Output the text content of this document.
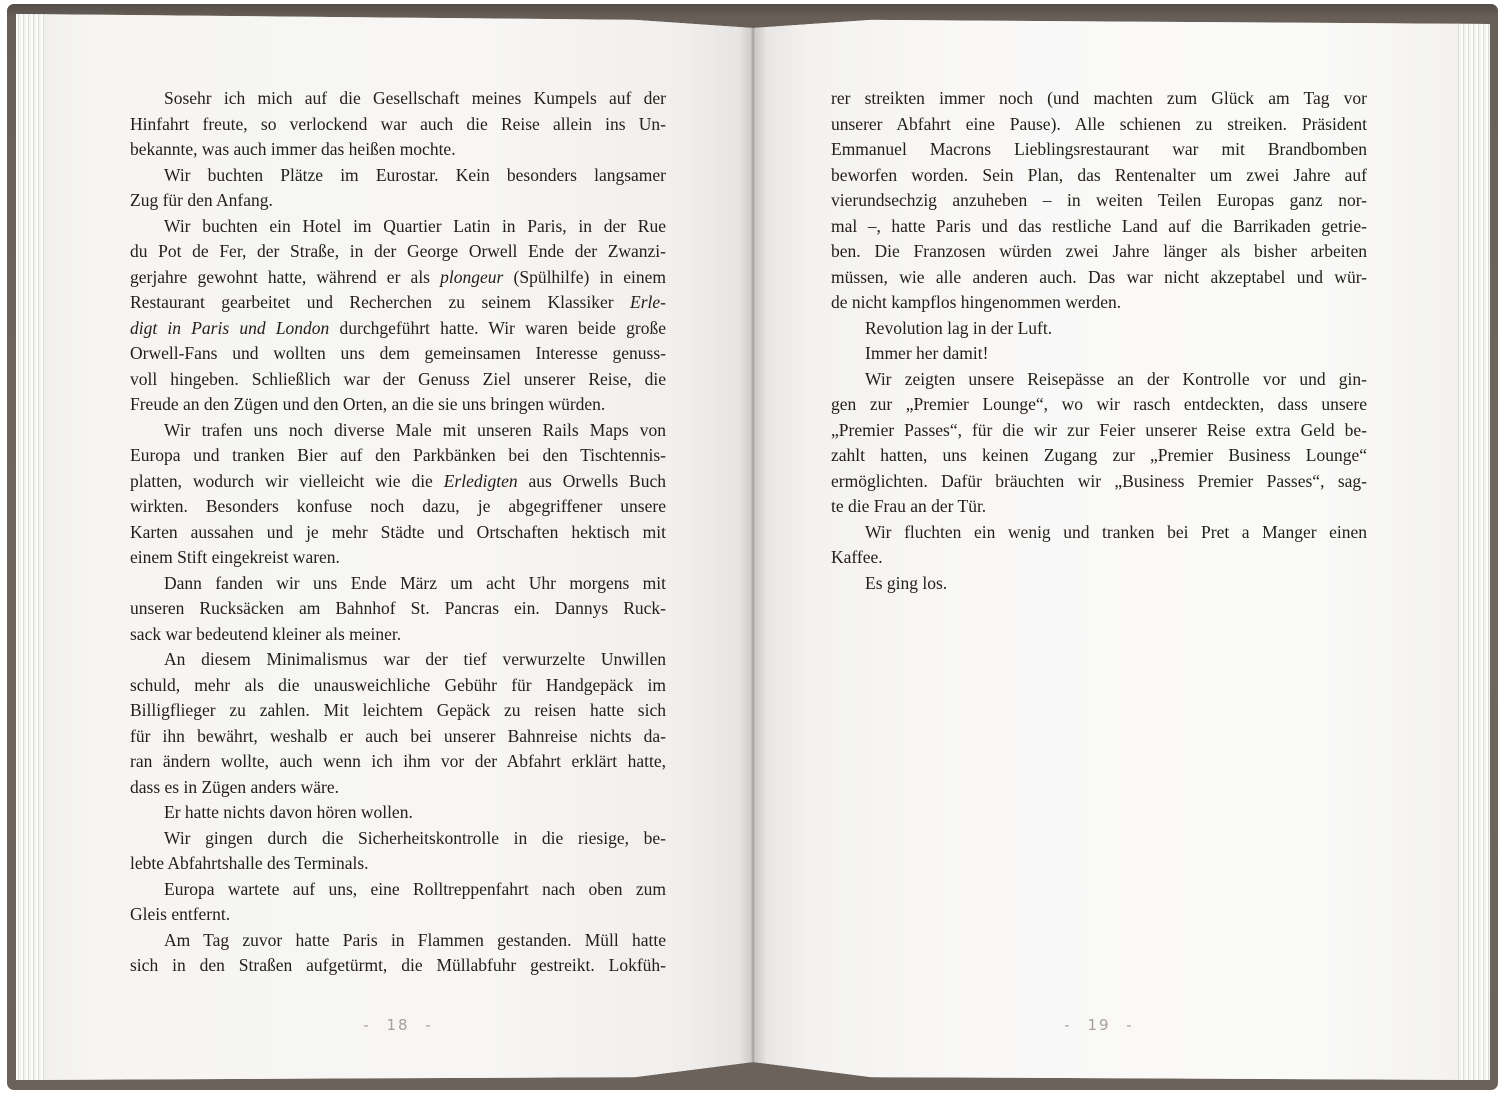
Sosehr ich mich auf die Gesellschaft meines Kumpels auf der
Hinfahrt freute, so verlockend war auch die Reise allein ins Un-
bekannte, was auch immer das heißen mochte.
Wir buchten Plätze im Eurostar. Kein besonders langsamer
Zug für den Anfang.
Wir buchten ein Hotel im Quartier Latin in Paris, in der Rue
du Pot de Fer, der Straße, in der George Orwell Ende der Zwanzi-
gerjahre gewohnt hatte, während er als plongeur (Spülhilfe) in einem
Restaurant gearbeitet und Recherchen zu seinem Klassiker Erle-
digt in Paris und London durchgeführt hatte. Wir waren beide große
Orwell-Fans und wollten uns dem gemeinsamen Interesse genuss-
voll hingeben. Schließlich war der Genuss Ziel unserer Reise, die
Freude an den Zügen und den Orten, an die sie uns bringen würden.
Wir trafen uns noch diverse Male mit unseren Rails Maps von
Europa und tranken Bier auf den Parkbänken bei den Tischtennis-
platten, wodurch wir vielleicht wie die Erledigten aus Orwells Buch
wirkten. Besonders konfuse noch dazu, je abgegriffener unsere
Karten aussahen und je mehr Städte und Ortschaften hektisch mit
einem Stift eingekreist waren.
Dann fanden wir uns Ende März um acht Uhr morgens mit
unseren Rucksäcken am Bahnhof St. Pancras ein. Dannys Ruck-
sack war bedeutend kleiner als meiner.
An diesem Minimalismus war der tief verwurzelte Unwillen
schuld, mehr als die unausweichliche Gebühr für Handgepäck im
Billigflieger zu zahlen. Mit leichtem Gepäck zu reisen hatte sich
für ihn bewährt, weshalb er auch bei unserer Bahnreise nichts da-
ran ändern wollte, auch wenn ich ihm vor der Abfahrt erklärt hatte,
dass es in Zügen anders wäre.
Er hatte nichts davon hören wollen.
Wir gingen durch die Sicherheitskontrolle in die riesige, be-
lebte Abfahrtshalle des Terminals.
Europa wartete auf uns, eine Rolltreppenfahrt nach oben zum
Gleis entfernt.
Am Tag zuvor hatte Paris in Flammen gestanden. Müll hatte
sich in den Straßen aufgetürmt, die Müllabfuhr gestreikt. Lokfüh-
rer streikten immer noch (und machten zum Glück am Tag vor
unserer Abfahrt eine Pause). Alle schienen zu streiken. Präsident
Emmanuel Macrons Lieblingsrestaurant war mit Brandbomben
beworfen worden. Sein Plan, das Rentenalter um zwei Jahre auf
vierundsechzig anzuheben – in weiten Teilen Europas ganz nor-
mal –, hatte Paris und das restliche Land auf die Barrikaden getrie-
ben. Die Franzosen würden zwei Jahre länger als bisher arbeiten
müssen, wie alle anderen auch. Das war nicht akzeptabel und wür-
de nicht kampflos hingenommen werden.
Revolution lag in der Luft.
Immer her damit!
Wir zeigten unsere Reisepässe an der Kontrolle vor und gin-
gen zur „Premier Lounge“, wo wir rasch entdeckten, dass unsere
„Premier Passes“, für die wir zur Feier unserer Reise extra Geld be-
zahlt hatten, uns keinen Zugang zur „Premier Business Lounge“
ermöglichten. Dafür bräuchten wir „Business Premier Passes“, sag-
te die Frau an der Tür.
Wir fluchten ein wenig und tranken bei Pret a Manger einen
Kaffee.
Es ging los.
- 18 -	- 19 -
